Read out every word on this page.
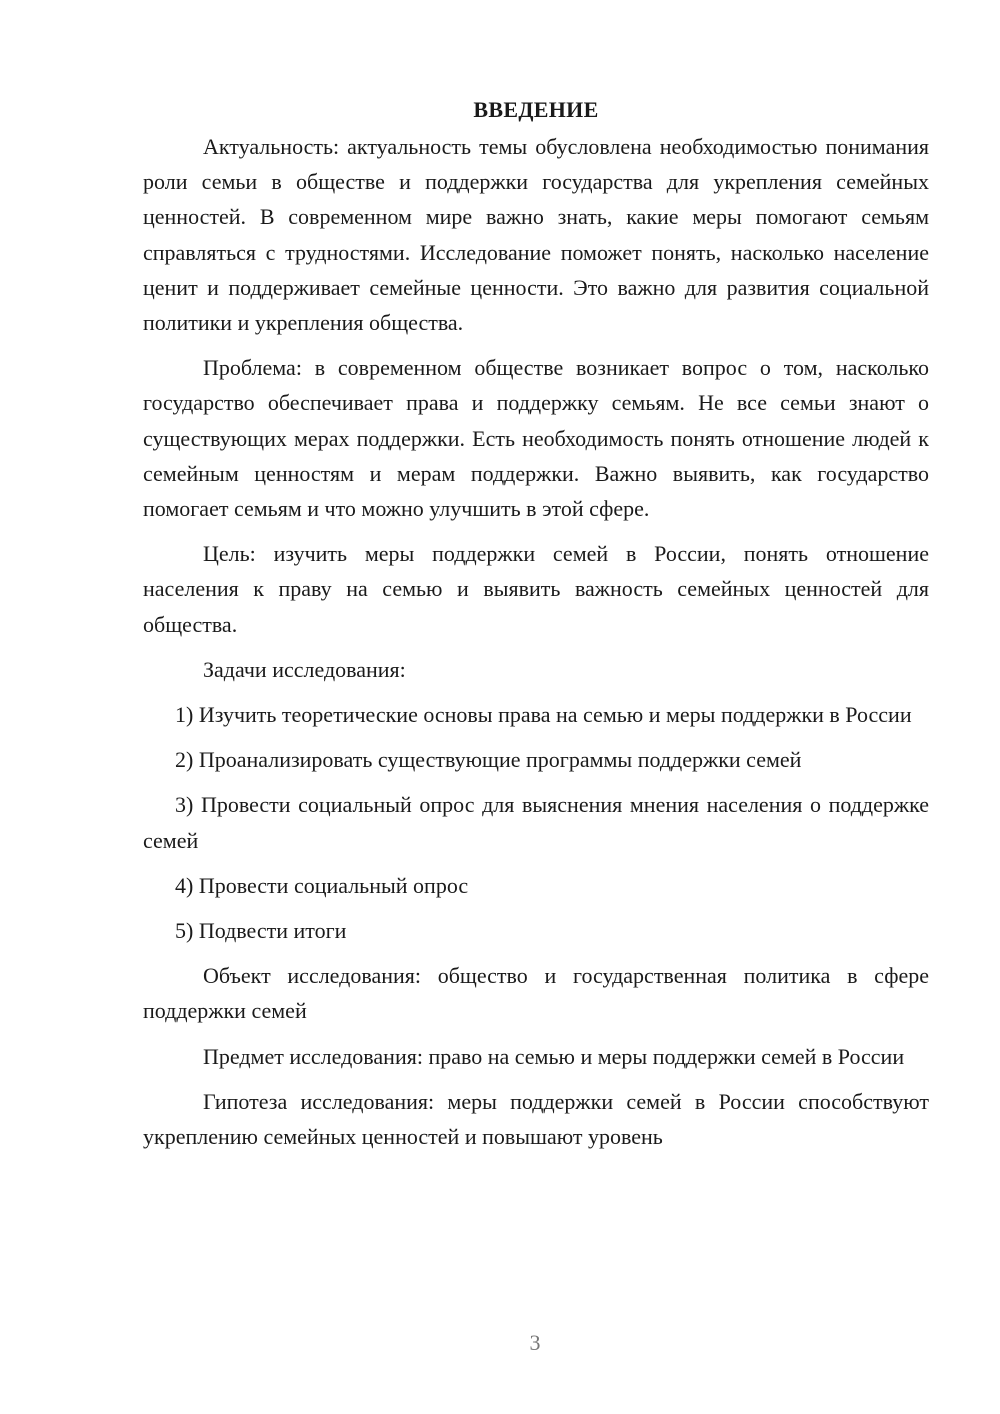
ВВЕДЕНИЕ

Актуальность: актуальность темы обусловлена необходимостью понимания роли семьи в обществе и поддержки государства для укрепления семейных ценностей. В современном мире важно знать, какие меры помогают семьям справляться с трудностями. Исследование поможет понять, насколько население ценит и поддерживает семейные ценности. Это важно для развития социальной политики и укрепления общества.

Проблема: в современном обществе возникает вопрос о том, насколько государство обеспечивает права и поддержку семьям. Не все семьи знают о существующих мерах поддержки. Есть необходимость понять отношение людей к семейным ценностям и мерам поддержки. Важно выявить, как государство помогает семьям и что можно улучшить в этой сфере.

Цель: изучить меры поддержки семей в России, понять отношение населения к праву на семью и выявить важность семейных ценностей для общества.

Задачи исследования:

1) Изучить теоретические основы права на семью и меры поддержки в России

2) Проанализировать существующие программы поддержки семей

3) Провести социальный опрос для выяснения мнения населения о поддержке семей

4) Провести социальный опрос

5) Подвести итоги

Объект исследования: общество и государственная политика в сфере поддержки семей

Предмет исследования: право на семью и меры поддержки семей в России

Гипотеза исследования: меры поддержки семей в России способствуют укреплению семейных ценностей и повышают уровень

3
